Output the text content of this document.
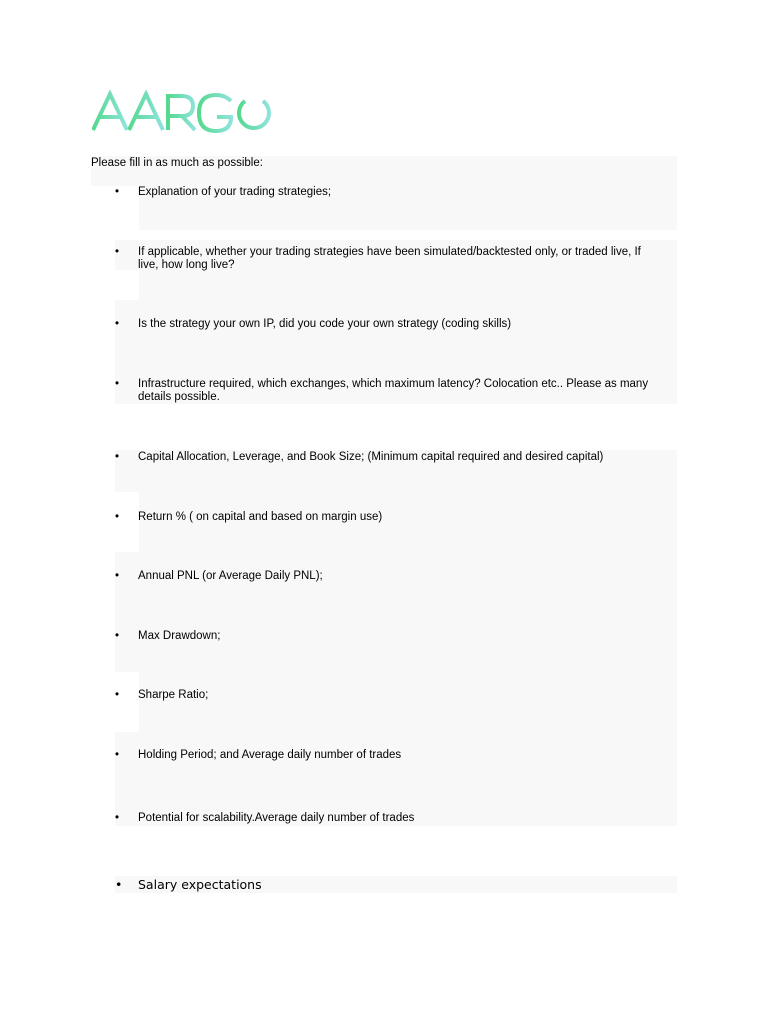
Please fill in as much as possible:
• Explanation of your trading strategies;
• If applicable, whether your trading strategies have been simulated/backtested only, or traded live, If live, how long live?
• Is the strategy your own IP, did you code your own strategy (coding skills)
• Infrastructure required, which exchanges, which maximum latency? Colocation etc.. Please as many details possible.
• Capital Allocation, Leverage, and Book Size; (Minimum capital required and desired capital)
• Return % ( on capital and based on margin use)
• Annual PNL (or Average Daily PNL);
• Max Drawdown;
• Sharpe Ratio;
• Holding Period; and Average daily number of trades
• Potential for scalability.Average daily number of trades
• Salary expectations
